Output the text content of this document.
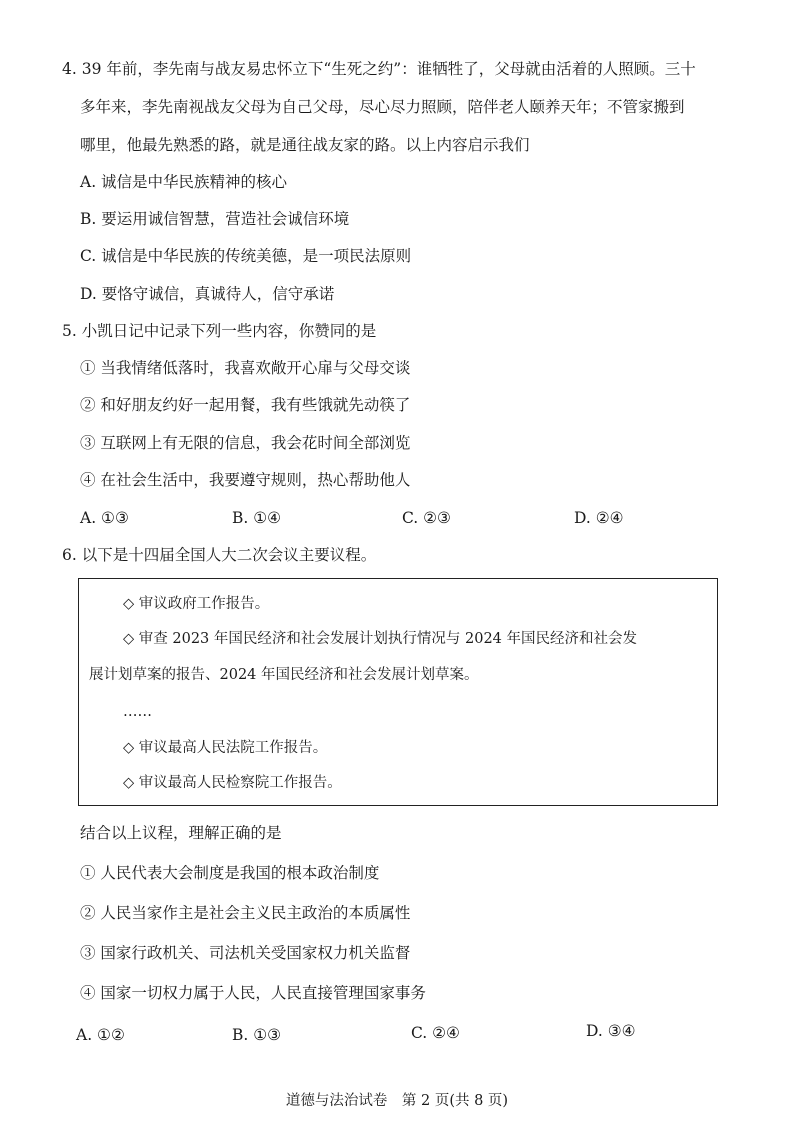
4. 39 年前，李先南与战友易忠怀立下“生死之约”：谁牺牲了，父母就由活着的人照顾。三十
多年来，李先南视战友父母为自己父母，尽心尽力照顾，陪伴老人颐养天年；不管家搬到
哪里，他最先熟悉的路，就是通往战友家的路。以上内容启示我们
A. 诚信是中华民族精神的核心
B. 要运用诚信智慧，营造社会诚信环境
C. 诚信是中华民族的传统美德，是一项民法原则
D. 要恪守诚信，真诚待人，信守承诺
5. 小凯日记中记录下列一些内容，你赞同的是
① 当我情绪低落时，我喜欢敞开心扉与父母交谈
② 和好朋友约好一起用餐，我有些饿就先动筷了
③ 互联网上有无限的信息，我会花时间全部浏览
④ 在社会生活中，我要遵守规则，热心帮助他人
A. ①③	B. ①④	C. ②③	D. ②④
6. 以下是十四届全国人大二次会议主要议程。
◇ 审议政府工作报告。
◇ 审查 2023 年国民经济和社会发展计划执行情况与 2024 年国民经济和社会发
展计划草案的报告、2024 年国民经济和社会发展计划草案。
……
◇ 审议最高人民法院工作报告。
◇ 审议最高人民检察院工作报告。
结合以上议程，理解正确的是
① 人民代表大会制度是我国的根本政治制度
② 人民当家作主是社会主义民主政治的本质属性
③ 国家行政机关、司法机关受国家权力机关监督
④ 国家一切权力属于人民，人民直接管理国家事务
A. ①②	B. ①③	C. ②④	D. ③④
道德与法治试卷　第 2 页(共 8 页)
